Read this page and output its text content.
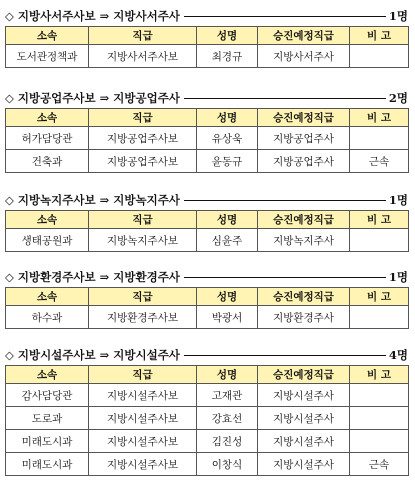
◇ 지방사서주사보 ⇒ 지방사서주사	1명
소속	직급	성명	승진예정직급	비 고
도서관정책과	지방사서주사보	최경규	지방사서주사	
◇ 지방공업주사보 ⇒ 지방공업주사	2명
소속	직급	성명	승진예정직급	비 고
허가담당관	지방공업주사보	유상욱	지방공업주사	
건축과	지방공업주사보	윤동규	지방공업주사	근속
◇ 지방녹지주사보 ⇒ 지방녹지주사	1명
소속	직급	성명	승진예정직급	비 고
생태공원과	지방녹지주사보	심윤주	지방녹지주사	
◇ 지방환경주사보 ⇒ 지방환경주사	1명
소속	직급	성명	승진예정직급	비 고
하수과	지방환경주사보	박광서	지방환경주사	
◇ 지방시설주사보 ⇒ 지방시설주사	4명
소속	직급	성명	승진예정직급	비 고
감사담당관	지방시설주사보	고재관	지방시설주사	
도로과	지방시설주사보	강효선	지방시설주사	
미래도시과	지방시설주사보	김진성	지방시설주사	
미래도시과	지방시설주사보	이창식	지방시설주사	근속
